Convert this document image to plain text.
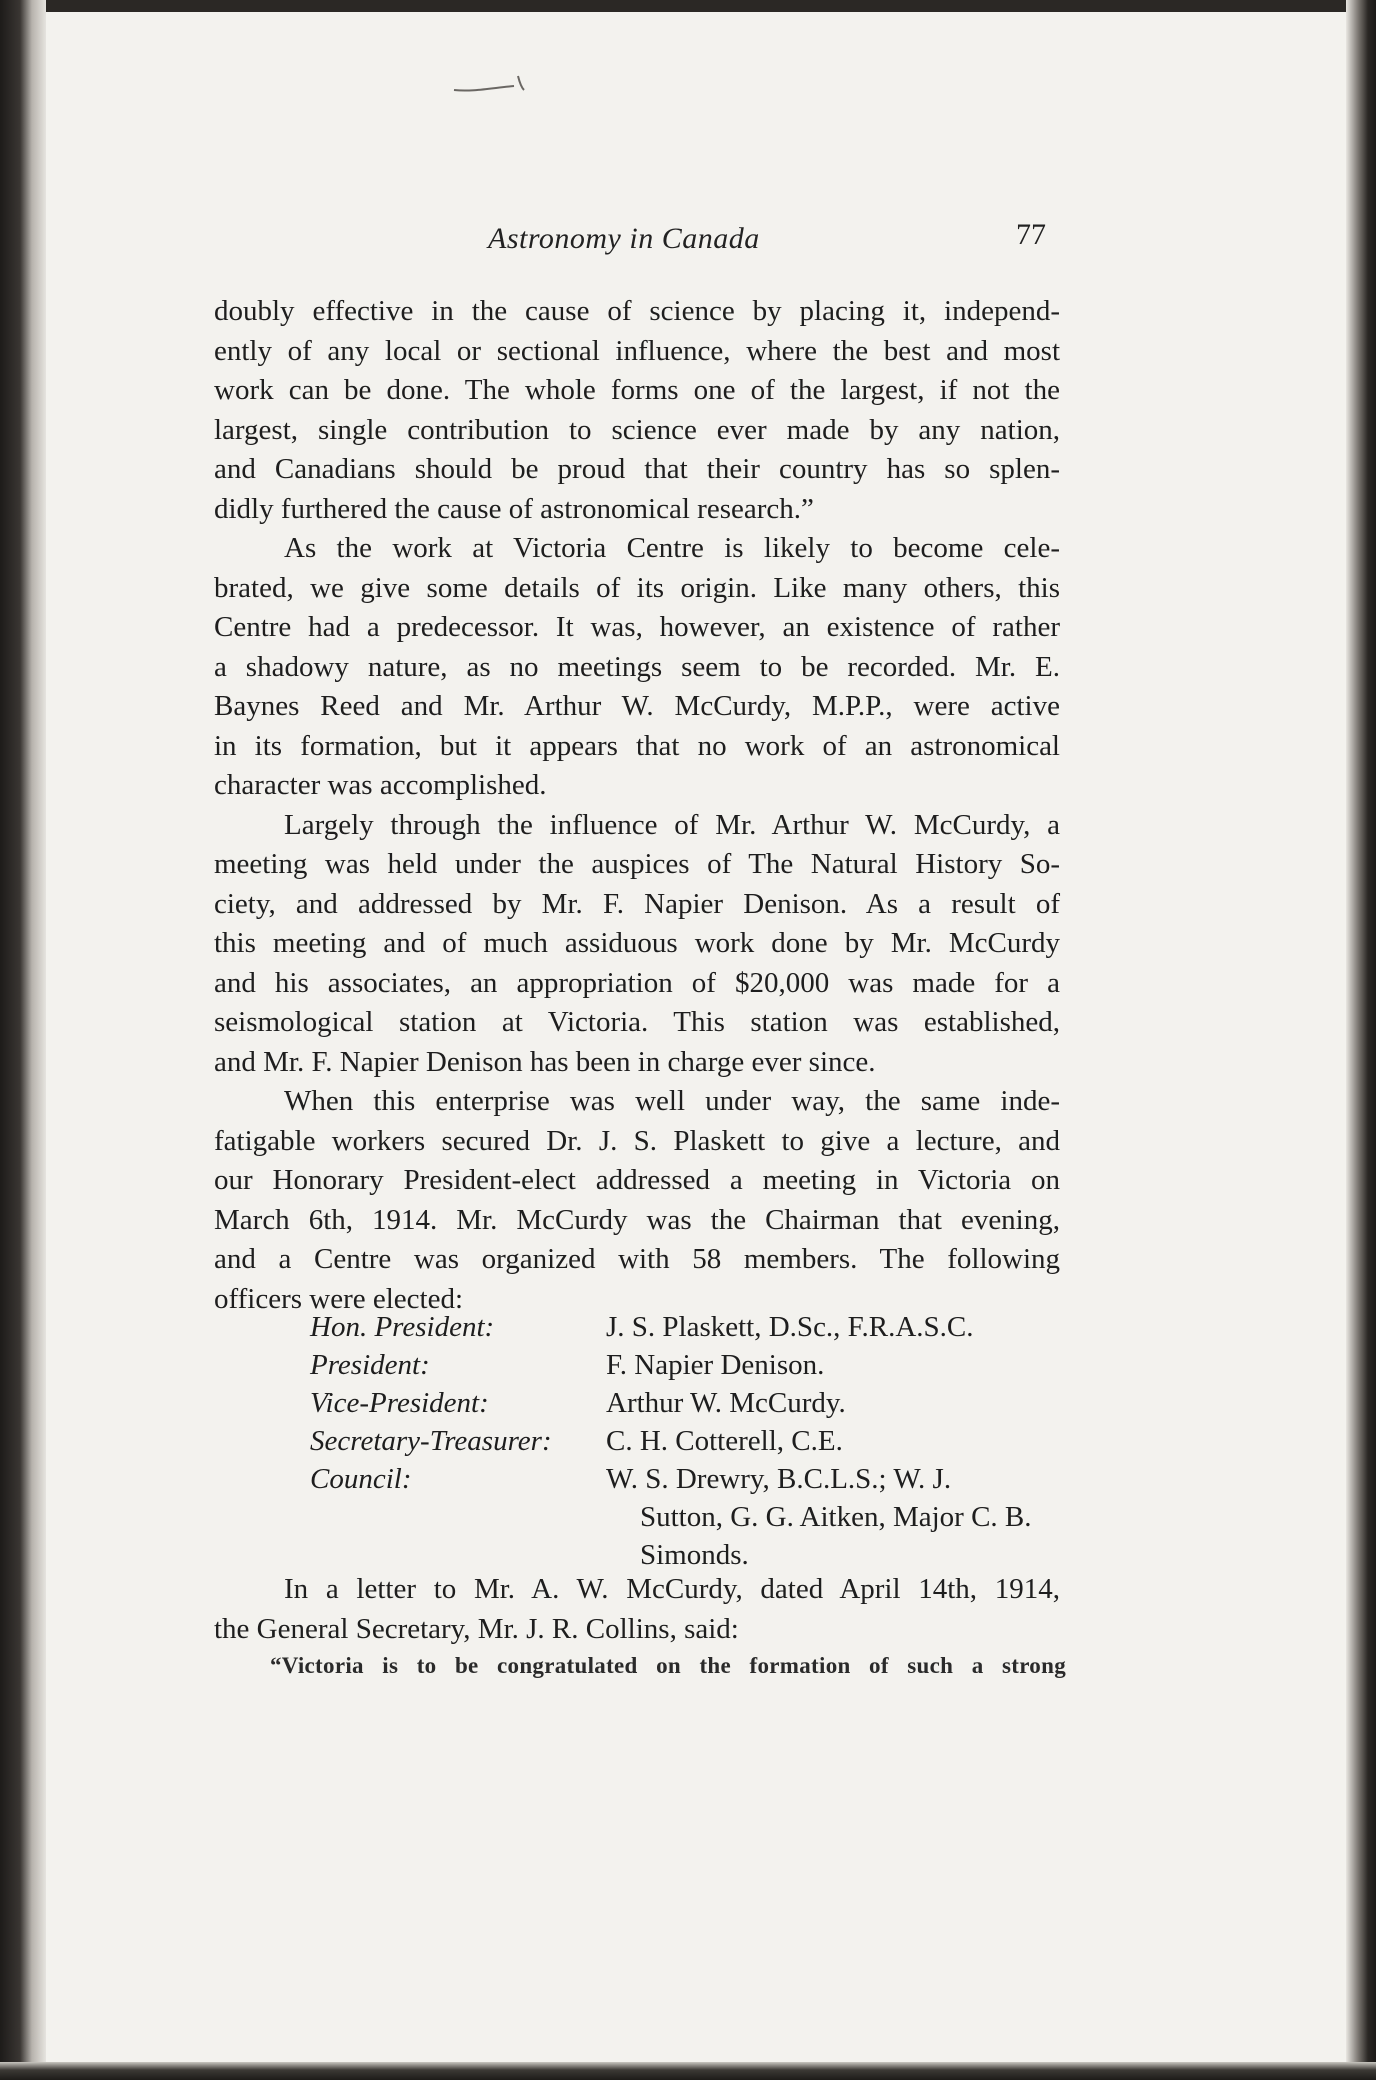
Astronomy in Canada	77
doubly effective in the cause of science by placing it, independ-
ently of any local or sectional influence, where the best and most
work can be done. The whole forms one of the largest, if not the
largest, single contribution to science ever made by any nation,
and Canadians should be proud that their country has so splen-
didly furthered the cause of astronomical research.”
As the work at Victoria Centre is likely to become cele-
brated, we give some details of its origin. Like many others, this
Centre had a predecessor. It was, however, an existence of rather
a shadowy nature, as no meetings seem to be recorded. Mr. E.
Baynes Reed and Mr. Arthur W. McCurdy, M.P.P., were active
in its formation, but it appears that no work of an astronomical
character was accomplished.
Largely through the influence of Mr. Arthur W. McCurdy, a
meeting was held under the auspices of The Natural History So-
ciety, and addressed by Mr. F. Napier Denison. As a result of
this meeting and of much assiduous work done by Mr. McCurdy
and his associates, an appropriation of $20,000 was made for a
seismological station at Victoria. This station was established,
and Mr. F. Napier Denison has been in charge ever since.
When this enterprise was well under way, the same inde-
fatigable workers secured Dr. J. S. Plaskett to give a lecture, and
our Honorary President-elect addressed a meeting in Victoria on
March 6th, 1914. Mr. McCurdy was the Chairman that evening,
and a Centre was organized with 58 members. The following
officers were elected:
Hon. President:	J. S. Plaskett, D.Sc., F.R.A.S.C.
President:	F. Napier Denison.
Vice-President:	Arthur W. McCurdy.
Secretary-Treasurer:	C. H. Cotterell, C.E.
Council:	W. S. Drewry, B.C.L.S.; W. J.
Sutton, G. G. Aitken, Major C. B.
Simonds.
In a letter to Mr. A. W. McCurdy, dated April 14th, 1914,
the General Secretary, Mr. J. R. Collins, said:
“Victoria is to be congratulated on the formation of such a strong
